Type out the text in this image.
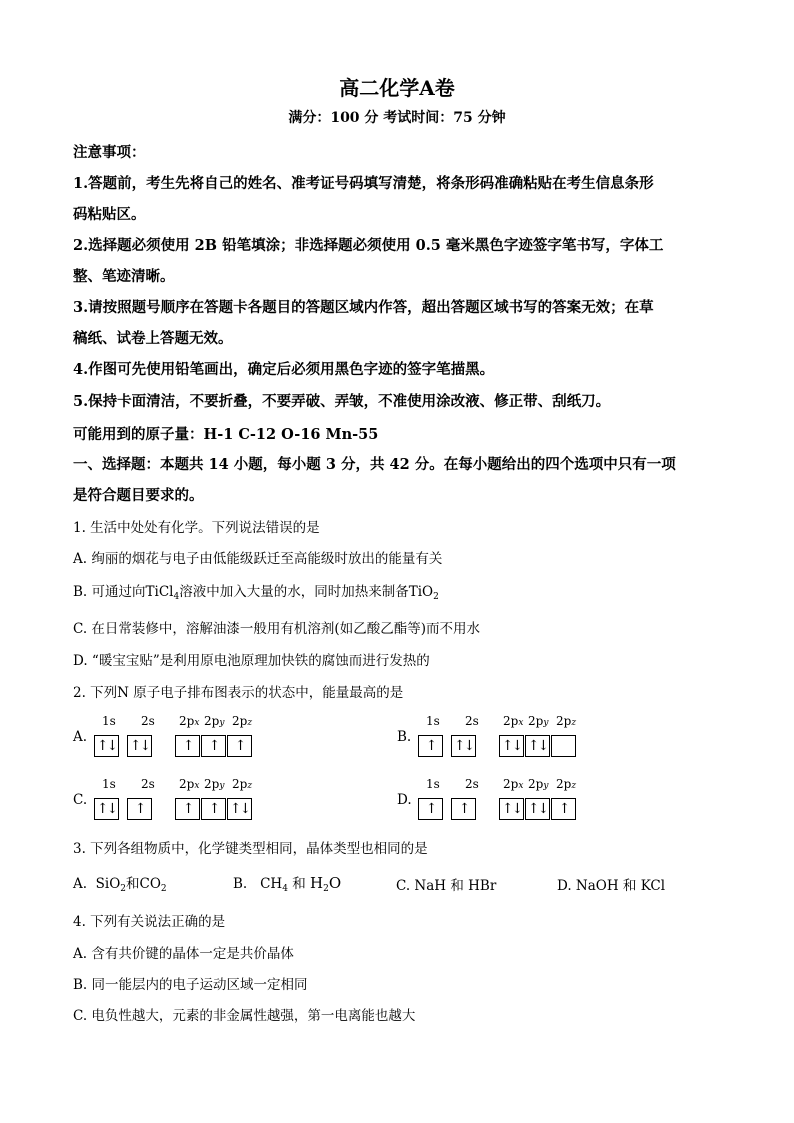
高二化学A卷
满分：100 分 考试时间：75 分钟
注意事项：
1.答题前，考生先将自己的姓名、准考证号码填写清楚，将条形码准确粘贴在考生信息条形
码粘贴区。
2.选择题必须使用 2B 铅笔填涂；非选择题必须使用 0.5 毫米黑色字迹签字笔书写，字体工
整、笔迹清晰。
3.请按照题号顺序在答题卡各题目的答题区域内作答，超出答题区域书写的答案无效；在草
稿纸、试卷上答题无效。
4.作图可先使用铅笔画出，确定后必须用黑色字迹的签字笔描黑。
5.保持卡面清洁，不要折叠，不要弄破、弄皱，不准使用涂改液、修正带、刮纸刀。
可能用到的原子量：H-1 C-12 O-16 Mn-55
一、选择题：本题共 14 小题，每小题 3 分，共 42 分。在每小题给出的四个选项中只有一项
是符合题目要求的。
1. 生活中处处有化学。下列说法错误的是
A. 绚丽的烟花与电子由低能级跃迁至高能级时放出的能量有关
B. 可通过向TiCl$_4$溶液中加入大量的水，同时加热来制备TiO$_2$
C. 在日常装修中，溶解油漆一般用有机溶剂(如乙酸乙酯等)而不用水
D. “暖宝宝贴”是利用原电池原理加快铁的腐蚀而进行发热的
2. 下列N 原子电子排布图表示的状态中，能量最高的是
A.
1s 2s 2px 2py 2pz
↑↓ ↑↓	↑	↑	↑
B.
1s 2s 2px 2py 2pz
↑	↑↓ ↑↓ ↑↓
C.
1s 2s 2px 2py 2pz
↑↓	↑	↑	↑ ↑↓
D.
1s 2s 2px 2py 2pz
↑	↑	↑↓ ↑↓ ↑
3. 下列各组物质中，化学键类型相同，晶体类型也相同的是
A. SiO$_2$和$CO_2$	B. $CH_4$ 和 $H_2O$	C. NaH 和 HBr	D. NaOH 和 KCl
4. 下列有关说法正确的是
A. 含有共价键的晶体一定是共价晶体
B. 同一能层内的电子运动区域一定相同
C. 电负性越大，元素的非金属性越强，第一电离能也越大
